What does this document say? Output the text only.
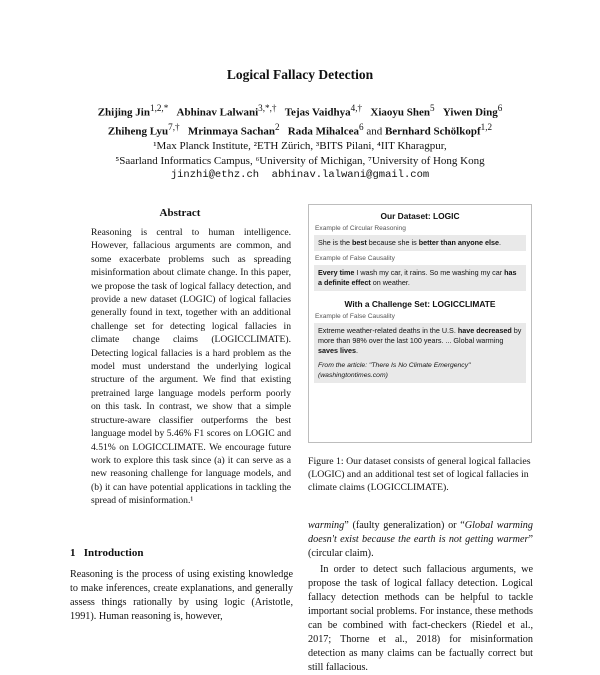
Logical Fallacy Detection
Zhijing Jin$^{1,2,*}$ Abhinav Lalwani$^{3,*,\dagger}$ Tejas Vaidhya$^{4,\dagger}$ Xiaoyu Shen$^5$ Yiwen Ding$^6$
Zhiheng Lyu$^{7,\dagger}$ Mrinmaya Sachan$^2$ Rada Mihalcea$^6$ and Bernhard Schölkopf$^{1,2}$
¹Max Planck Institute, ²ETH Zürich, ³BITS Pilani, ⁴IIT Kharagpur,
⁵Saarland Informatics Campus, ⁶University of Michigan, ⁷University of Hong Kong
jinzhi@ethz.ch  abhinav.lalwani@gmail.com
Abstract
Reasoning is central to human intelligence. However, fallacious arguments are common, and some exacerbate problems such as spreading misinformation about climate change. In this paper, we propose the task of logical fallacy detection, and provide a new dataset (LOGIC) of logical fallacies generally found in text, together with an additional challenge set for detecting logical fallacies in climate change claims (LOGICCLIMATE). Detecting logical fallacies is a hard problem as the model must understand the underlying logical structure of the argument. We find that existing pretrained large language models perform poorly on this task. In contrast, we show that a simple structure-aware classifier outperforms the best language model by 5.46% F1 scores on LOGIC and 4.51% on LOGICCLIMATE. We encourage future work to explore this task since (a) it can serve as a new reasoning challenge for language models, and (b) it can have potential applications in tackling the spread of misinformation.¹
1   Introduction
Reasoning is the process of using existing knowledge to make inferences, create explanations, and generally assess things rationally by using logic (Aristotle, 1991). Human reasoning is, however,
Our Dataset: LOGIC
Example of Circular Reasoning
She is the best because she is better than anyone else.
Example of False Causality
Every time I wash my car, it rains. So me washing my car has a definite effect on weather.
With a Challenge Set: LOGICCLIMATE
Example of False Causality
Extreme weather-related deaths in the U.S. have decreased by more than 98% over the last 100 years. ... Global warming saves lives.
From the article: "There Is No Climate Emergency" (washingtontimes.com)
Figure 1: Our dataset consists of general logical fallacies (LOGIC) and an additional test set of logical fallacies in climate claims (LOGICCLIMATE).

warming” (faulty generalization) or “Global warming doesn't exist because the earth is not getting warmer” (circular claim).

In order to detect such fallacious arguments, we propose the task of logical fallacy detection. Logical fallacy detection methods can be helpful to tackle important social problems. For instance, these methods can be combined with fact-checkers (Riedel et al., 2017; Thorne et al., 2018) for misinformation detection as many claims can be factually correct but still fallacious.
